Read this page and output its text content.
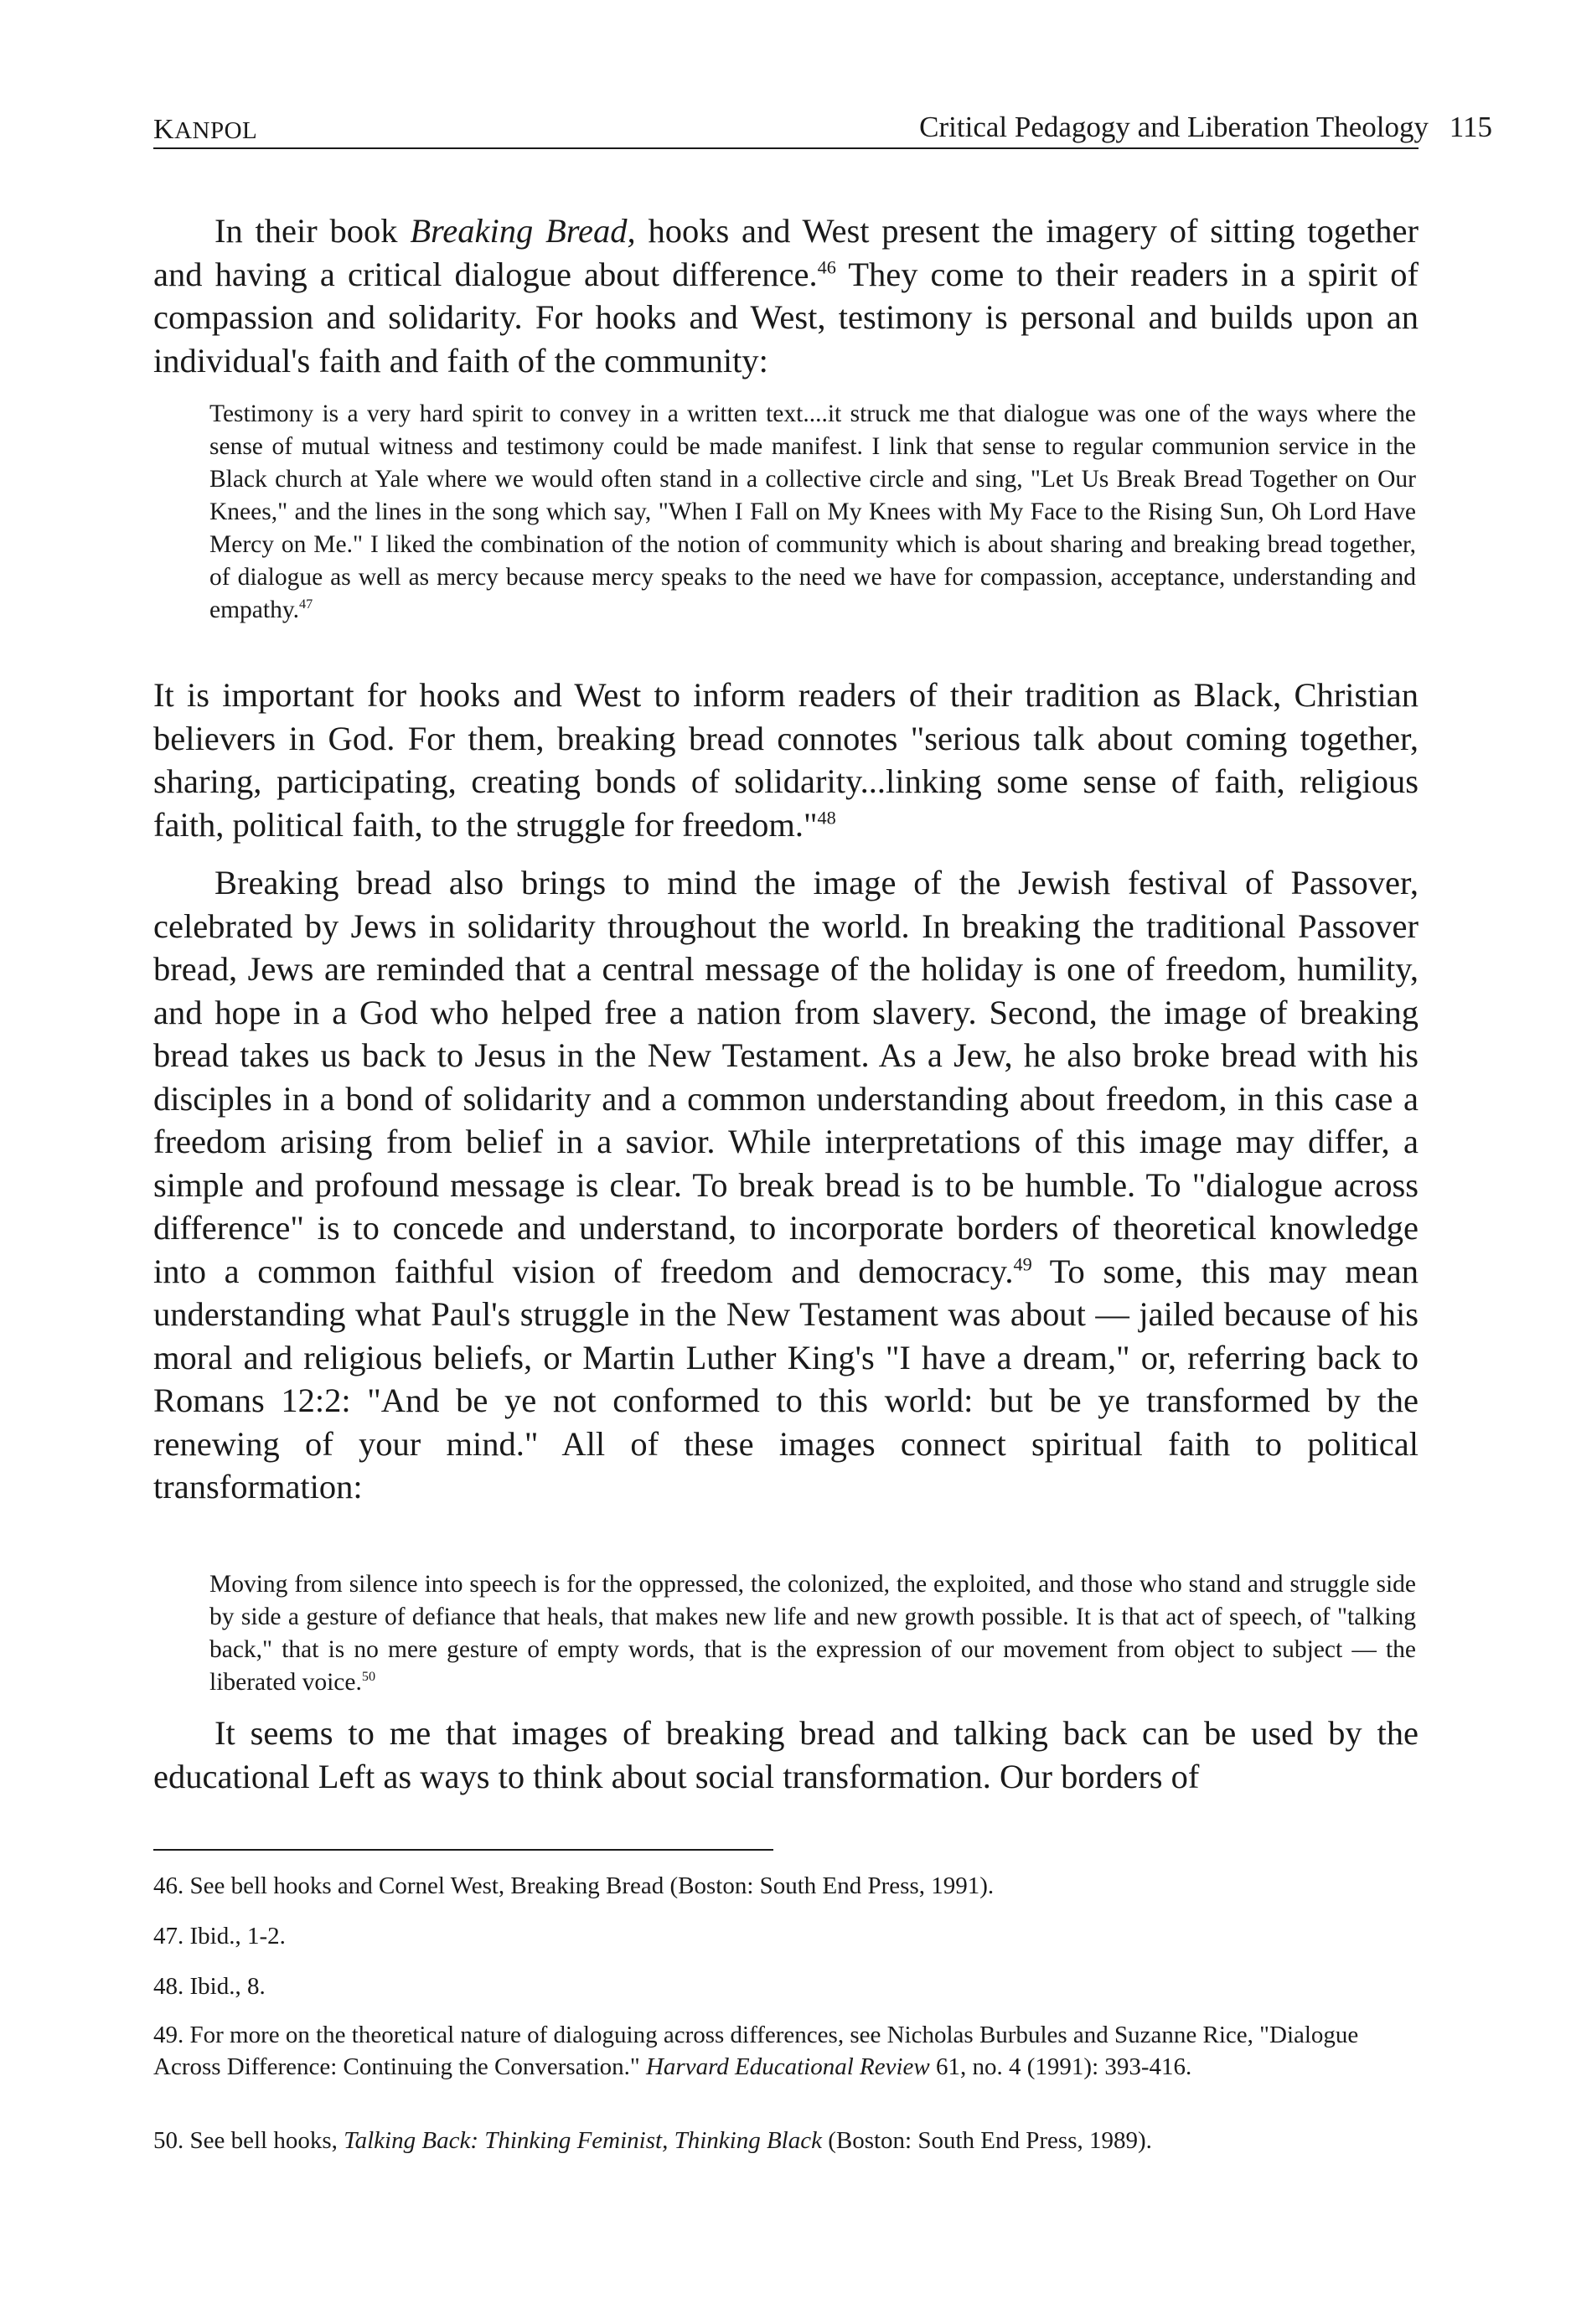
KANPOL	Critical Pedagogy and Liberation Theology 115

In their book Breaking Bread, hooks and West present the imagery of sitting together and having a critical dialogue about difference.$^{46}$ They come to their readers in a spirit of compassion and solidarity. For hooks and West, testimony is personal and builds upon an individual's faith and faith of the community:

Testimony is a very hard spirit to convey in a written text....it struck me that dialogue was one of the ways where the sense of mutual witness and testimony could be made manifest. I link that sense to regular communion service in the Black church at Yale where we would often stand in a collective circle and sing, "Let Us Break Bread Together on Our Knees," and the lines in the song which say, "When I Fall on My Knees with My Face to the Rising Sun, Oh Lord Have Mercy on Me." I liked the combination of the notion of community which is about sharing and breaking bread together, of dialogue as well as mercy because mercy speaks to the need we have for compassion, acceptance, understanding and empathy.$^{47}$

It is important for hooks and West to inform readers of their tradition as Black, Christian believers in God. For them, breaking bread connotes "serious talk about coming together, sharing, participating, creating bonds of solidarity...linking some sense of faith, religious faith, political faith, to the struggle for freedom."$^{48}$

Breaking bread also brings to mind the image of the Jewish festival of Passover, celebrated by Jews in solidarity throughout the world. In breaking the traditional Passover bread, Jews are reminded that a central message of the holiday is one of freedom, humility, and hope in a God who helped free a nation from slavery. Second, the image of breaking bread takes us back to Jesus in the New Testament. As a Jew, he also broke bread with his disciples in a bond of solidarity and a common understanding about freedom, in this case a freedom arising from belief in a savior. While interpretations of this image may differ, a simple and profound message is clear. To break bread is to be humble. To "dialogue across difference" is to concede and understand, to incorporate borders of theoretical knowledge into a common faithful vision of freedom and democracy.$^{49}$ To some, this may mean understanding what Paul's struggle in the New Testament was about — jailed because of his moral and religious beliefs, or Martin Luther King's "I have a dream," or, referring back to Romans 12:2: "And be ye not conformed to this world: but be ye transformed by the renewing of your mind." All of these images connect spiritual faith to political transformation:

Moving from silence into speech is for the oppressed, the colonized, the exploited, and those who stand and struggle side by side a gesture of defiance that heals, that makes new life and new growth possible. It is that act of speech, of "talking back," that is no mere gesture of empty words, that is the expression of our movement from object to subject — the liberated voice.$^{50}$

It seems to me that images of breaking bread and talking back can be used by the educational Left as ways to think about social transformation. Our borders of

46. See bell hooks and Cornel West, Breaking Bread (Boston: South End Press, 1991).

47. Ibid., 1-2.

48. Ibid., 8.

49. For more on the theoretical nature of dialoguing across differences, see Nicholas Burbules and Suzanne Rice, "Dialogue Across Difference: Continuing the Conversation." Harvard Educational Review 61, no. 4 (1991): 393-416.

50. See bell hooks, Talking Back: Thinking Feminist, Thinking Black (Boston: South End Press, 1989).
